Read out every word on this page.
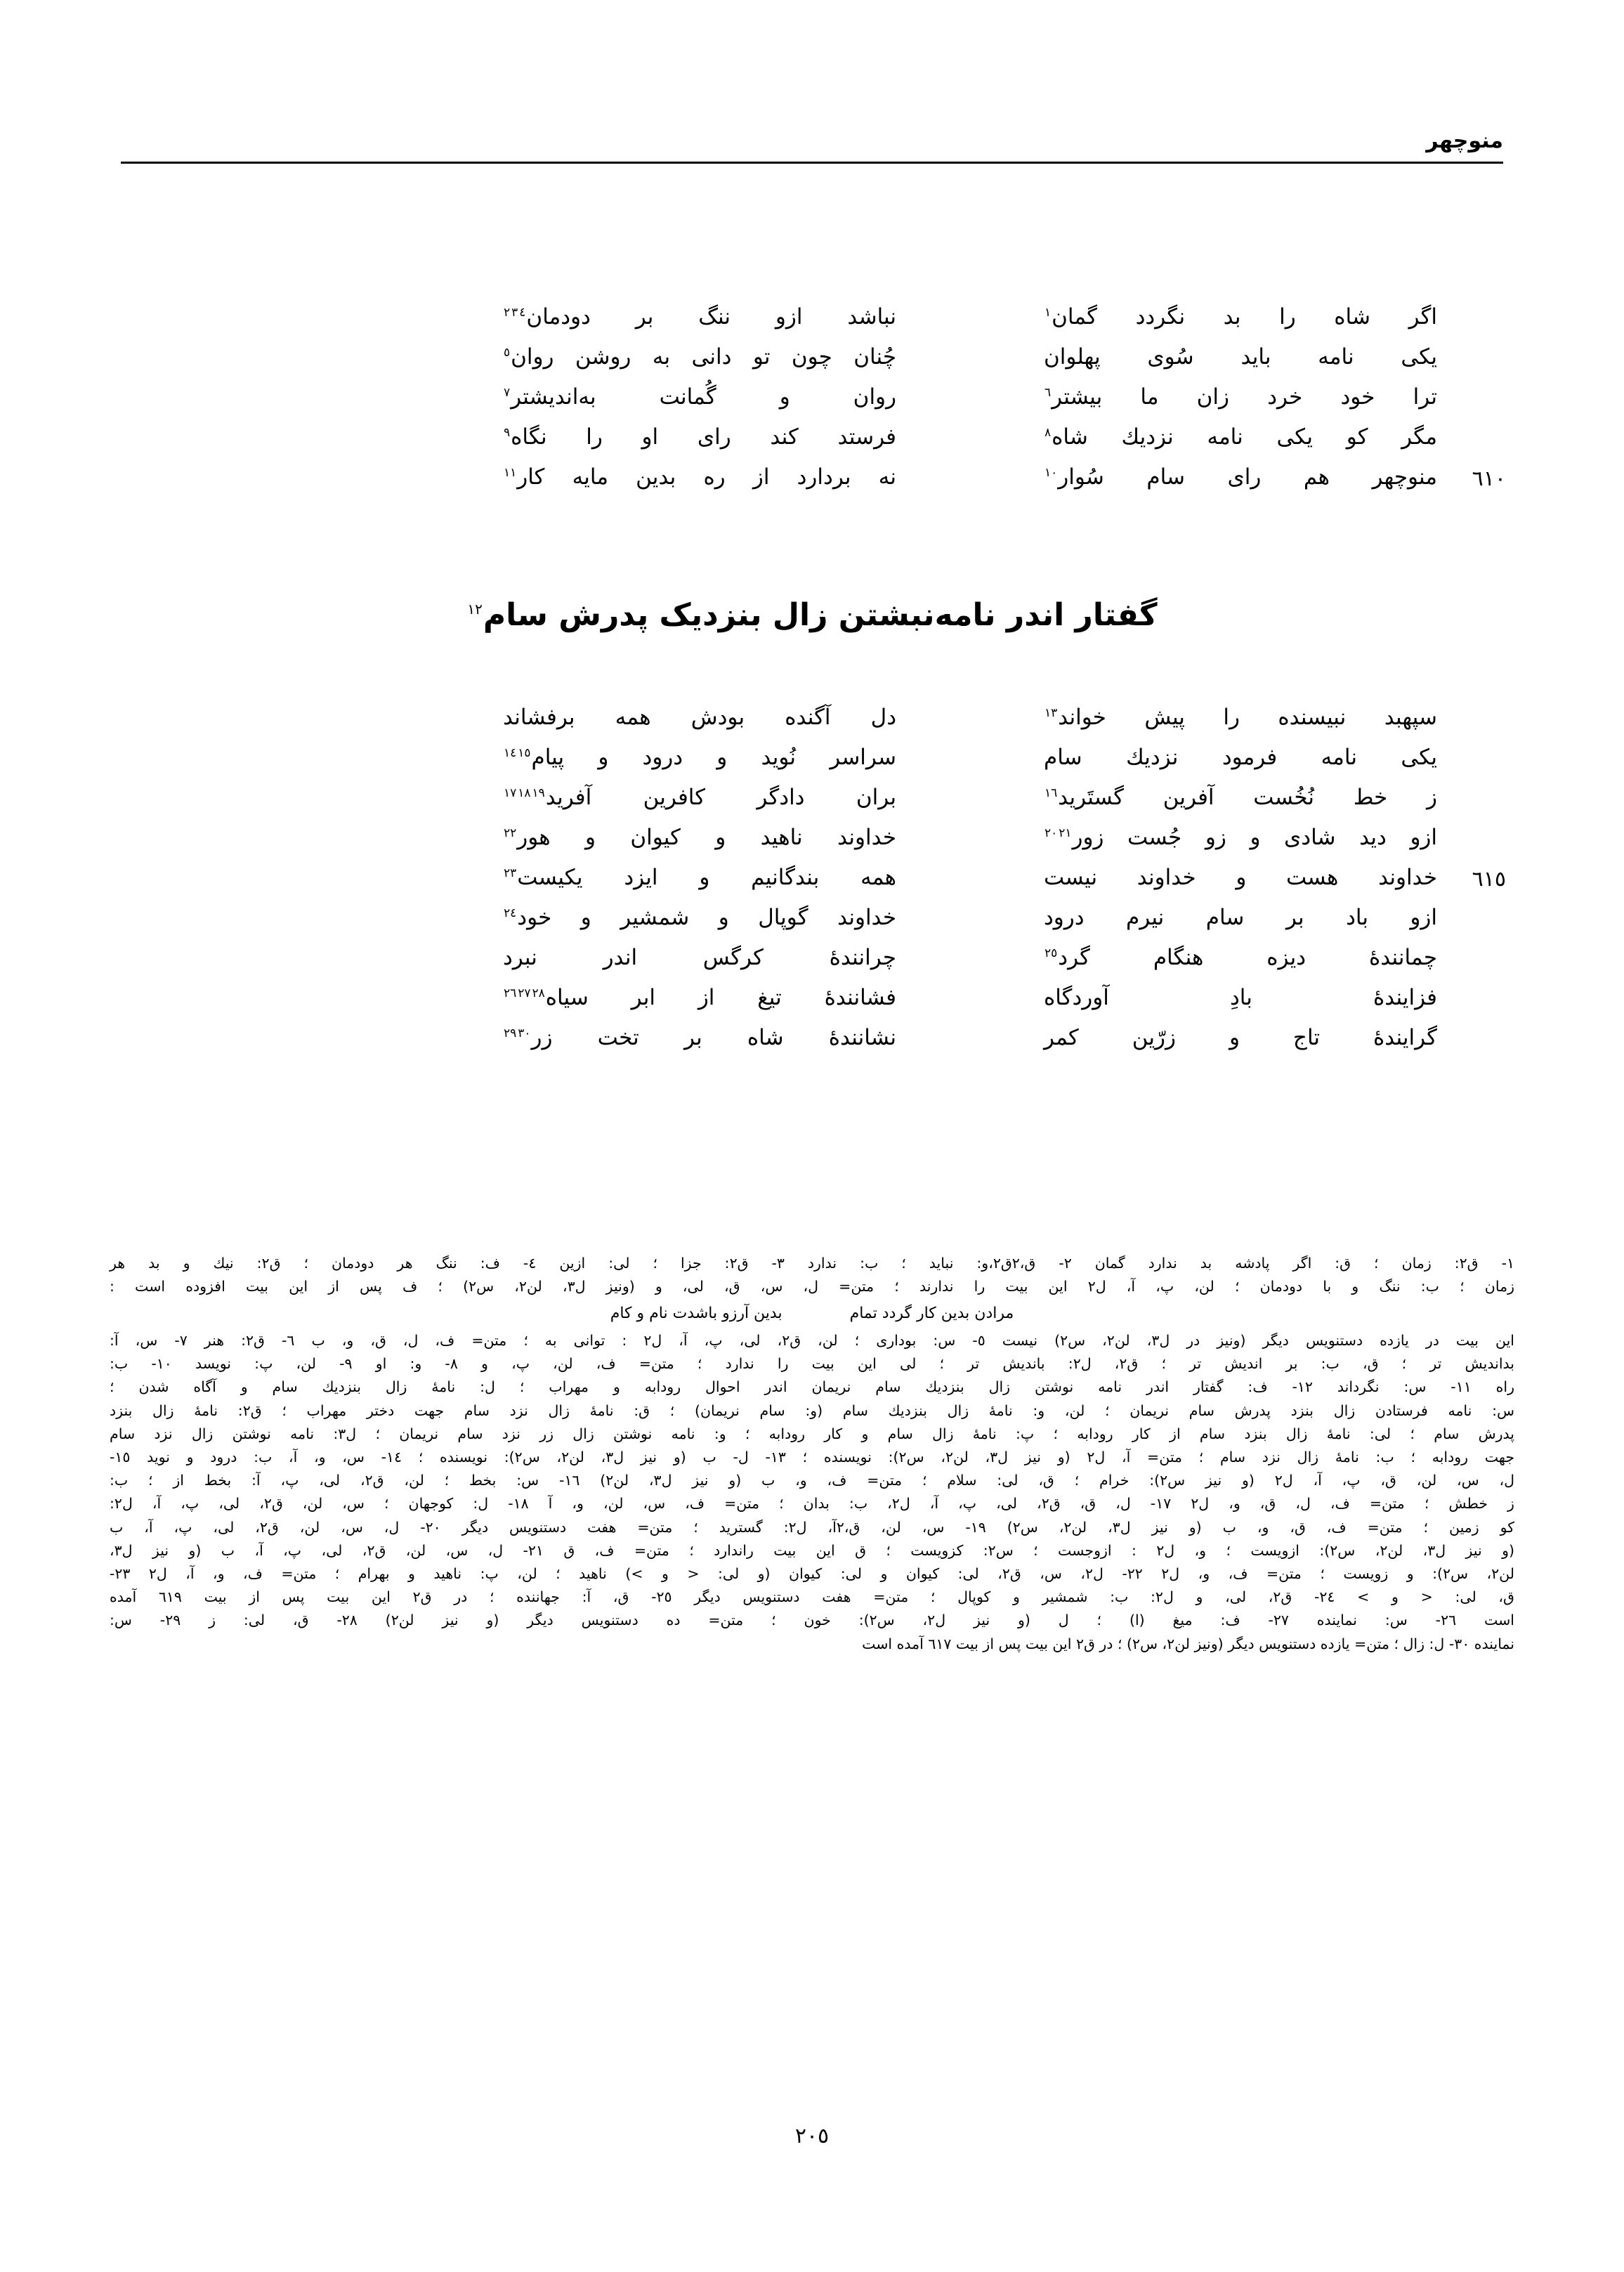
منوچهر
اگر شاه را بد نگردد گمان$^١$
نباشد ازو ننگ بر دودمان$^٢$ $^٣$ $^٤$
یکی نامه باید سُوی پهلوان
چُنان چون تو دانی به روشن روان$^٥$
ترا خود خرد زان ما بیشتر$^٦$
روان و گُمانت به‌اندیشتر$^٧$
مگر کو یکی نامه نزدیك شاه$^٨$
فرستد کند رای او را نگاه$^٩$
٦١٠
منوچهر هم رای سام سُوار$^{١٠}$
نه بردارد از ره بدین مایه کار$^{١١}$
گفتار اندر نامه‌نبشتن زال بنزدیک پدرش سام$^{١٢}$
سپهبد نبیسنده را پیش خواند$^{١٣}$
دل آگنده بودش همه برفشاند
یکی نامه فرمود نزدیك سام
سراسر نُوید و درود و پیام$^{١٤}$ $^{١٥}$
ز خط نُخُست آفرین گستَرید$^{١٦}$
بران دادگر کافرین آفرید$^{١٧}$ $^{١٨}$ $^{١٩}$
ازو دید شادی و زو جُست زور$^{٢٠}$ $^{٢١}$
خداوند ناهید و کیوان و هور$^{٢٢}$
٦١٥
خداوند هست و خداوند نیست
همه بندگانیم و ایزد یکیست$^{٢٣}$
ازو باد بر سام نیرم درود
خداوند گوپال و شمشیر و خود$^{٢٤}$
چمانندهٔ دیزه هنگام گرد$^{٢٥}$
چرانندهٔ کرگس اندر نبرد
فزایندهٔ بادِ آوردگاه
فشانندهٔ تیغ از ابر سیاه$^{٢٦}$ $^{٢٧}$ $^{٢٨}$
گرایندهٔ تاج و زرّین کمر
نشانندهٔ شاه بر تخت زر$^{٢٩}$ $^{٣٠}$

١- ق٢: زمان ؛ ق: اگر پادشه بد ندارد گمان ٢- ق،٢ق٢،و: نباید ؛ ب: ندارد ٣- ق٢: جزا ؛ لی: ازین ٤- ف: ننگ هر دودمان ؛ ق٢: نیك و بد هر

زمان ؛ ب: ننگ و با دودمان ؛ لن، پ، آ، ل٢ این بیت را ندارند ؛ متن= ل، س، ق، لی، و (ونیز ل٣، لن٢، س٢) ؛ ف پس از این بیت افزوده است :

مرادن بدین کار گردد تمام
بدین آرزو باشدت نام و کام

این بیت در یازده دستنویس دیگر (ونیز در ل٣، لن٢، س٢) نیست ٥- س: بوداری ؛ لن، ق٢، لی، پ، آ، ل٢ : توانی به ؛ متن= ف، ل، ق، و، ب ٦- ق٢: هنر ٧- س، آ:

بداندیش تر ؛ ق، ب: بر اندیش تر ؛ ق٢، ل٢: باندیش تر ؛ لی این بیت را ندارد ؛ متن= ف، لن، پ، و ٨- و: او ٩- لن، پ: نویسد ١٠- ب:

راه ١١- س: نگرداند ١٢- ف: گفتار اندر نامه نوشتن زال بنزدیك سام نریمان اندر احوال رودابه و مهراب ؛ ل: نامهٔ زال بنزدیك سام و آگاه شدن ؛

س: نامه فرستادن زال بنزد پدرش سام نریمان ؛ لن، و: نامهٔ زال بنزدیك سام (و: سام نریمان) ؛ ق: نامهٔ زال نزد سام جهت دختر مهراب ؛ ق٢: نامهٔ زال بنزد

پدرش سام ؛ لی: نامهٔ زال بنزد سام از کار رودابه ؛ پ: نامهٔ زال سام و کار رودابه ؛ و: نامه نوشتن زال زر نزد سام نریمان ؛ ل٣: نامه نوشتن زال نزد سام

جهت رودابه ؛ ب: نامهٔ زال نزد سام ؛ متن= آ، ل٢ (و نیز ل٣، لن٢، س٢): نویسنده ؛ ١٣- ل- ب (و نیز ل٣، لن٢، س٢): نویسنده ؛ ١٤- س، و، آ، ب: درود و نوید ١٥-

ل، س، لن، ق، پ، آ، ل٢ (و نیز س٢): خرام ؛ ق، لی: سلام ؛ متن= ف، و، ب (و نیز ل٣، لن٢) ١٦- س: بخط ؛ لن، ق٢، لی، پ، آ: بخط از ؛ ب:

ز خطش ؛ متن= ف، ل، ق، و، ل٢ ١٧- ل، ق، ق٢، لی، پ، آ، ل٢، ب: بدان ؛ متن= ف، س، لن، و، آ ١٨- ل: کوجهان ؛ س، لن، ق٢، لی، پ، آ، ل٢:

کو زمین ؛ متن= ف، ق، و، ب (و نیز ل٣، لن٢، س٢) ١٩- س، لن، ق،٢آ، ل٢: گسترید ؛ متن= هفت دستنویس دیگر ٢٠- ل، س، لن، ق٢، لی، پ، آ، ب

(و نیز ل٣، لن٢، س٢): ازویست ؛ و، ل٢ : ازوجست ؛ س٢: کزویست ؛ ق این بیت راندارد ؛ متن= ف، ق ٢١- ل، س، لن، ق٢، لی، پ، آ، ب (و نیز ل٣،

لن٢، س٢): و زویست ؛ متن= ف، و، ل٢ ٢٢- ل٢، س، ق٢، لی: کیوان و لی: کیوان (و لی: < و >) ناهید ؛ لن، پ: ناهید و بهرام ؛ متن= ف، و، آ، ل٢ ٢٣-

ق، لی: < و > ٢٤- ق٢، لی، و ل٢: ب: شمشیر و کوپال ؛ متن= هفت دستنویس دیگر ٢٥- ق، آ: جهاننده ؛ در ق٢ این بیت پس از بیت ٦١٩ آمده

است ٢٦- س: نماینده ٢٧- ف: میغ (ا) ؛ ل (و نیز ل٢، س٢): خون ؛ متن= ده دستنویس دیگر (و نیز لن٢) ٢٨- ق، لی: ز ٢٩- س:

نماینده ٣٠- ل: زال ؛ متن= یازده دستنویس دیگر (ونیز لن٢، س٢) ؛ در ق٢ این بیت پس از بیت ٦١٧ آمده است

٢٠٥
